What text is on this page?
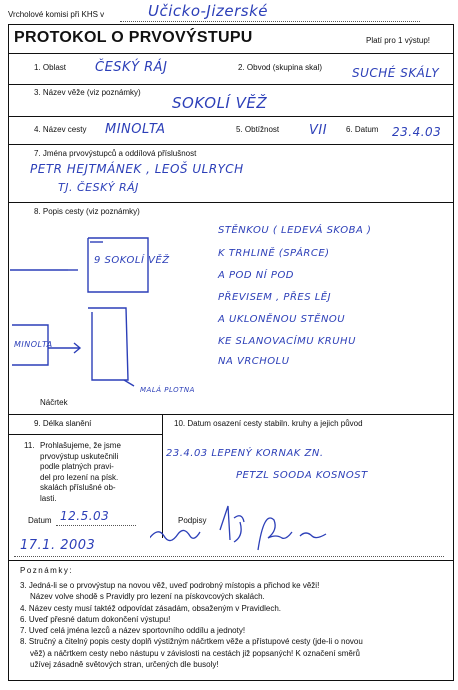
Vrcholové komisi při KHS v	Učicko-Jizerské
PROTOKOL O PRVOVÝSTUPU	Platí pro 1 výstup!
1. Oblast ČESKÝ RÁJ	2. Obvod (skupina skal) SUCHÉ SKÁLY
3. Název věže (viz poznámky)
SOKOLÍ VĚŽ
4. Název cesty MINOLTA	5. Obtížnost VII 6. Datum 23.4.03
7. Jména prvovýstupců a oddílová příslušnost
PETR HEJTMÁNEK , LEOŠ ULRYCH
TJ. ČESKÝ RÁJ
8. Popis cesty (viz poznámky)
STĚNKOU ( LEDEVÁ SKOBA )
K TRHLINĚ (SPÁRCE)
A POD NÍ POD
PŘEVISEM , PŘES LĚJ
A UKLONĚNOU STĚNOU
KE SLANOVACÍMU KRUHU
NA VRCHOLU
9 SOKOLÍ VĚŽ
MINOLTA
MALÁ PLOTNA
Náčrtek
9. Délka slanění	10. Datum osazení cesty stabiln. kruhy a jejich původ
23.4.03 LEPENÝ KORNAK ZN.
PETZL SOODA KOSNOST
11. Prohlašujeme, že jsme
prvovýstup uskutečnili
podle platných pravi-
del pro lezení na písk.
skalách příslušné ob-
lasti.
Datum 12.5.03	Podpisy
17.1. 2003
Poznámky:
3. Jedná-li se o prvovýstup na novou věž, uveď podrobný místopis a přichod ke věži!
Název volve shodě s Pravidly pro lezení na pískovcových skalách.
4. Název cesty musí taktéž odpovídat zásadám, obsaženým v Pravidlech.
6. Uveď přesné datum dokončení výstupu!
7. Uveď celá jména lezců a název sportovního oddílu a jednoty!
8. Stručný a čitelný popis cesty doplň výstižným náčrtkem věže a přístupové cesty (jde-li o novou
věž) a náčrtkem cesty nebo nástupu v závislosti na cestách již popsaných! K označení směrů
užívej zásadně světových stran, určených dle busoly!
